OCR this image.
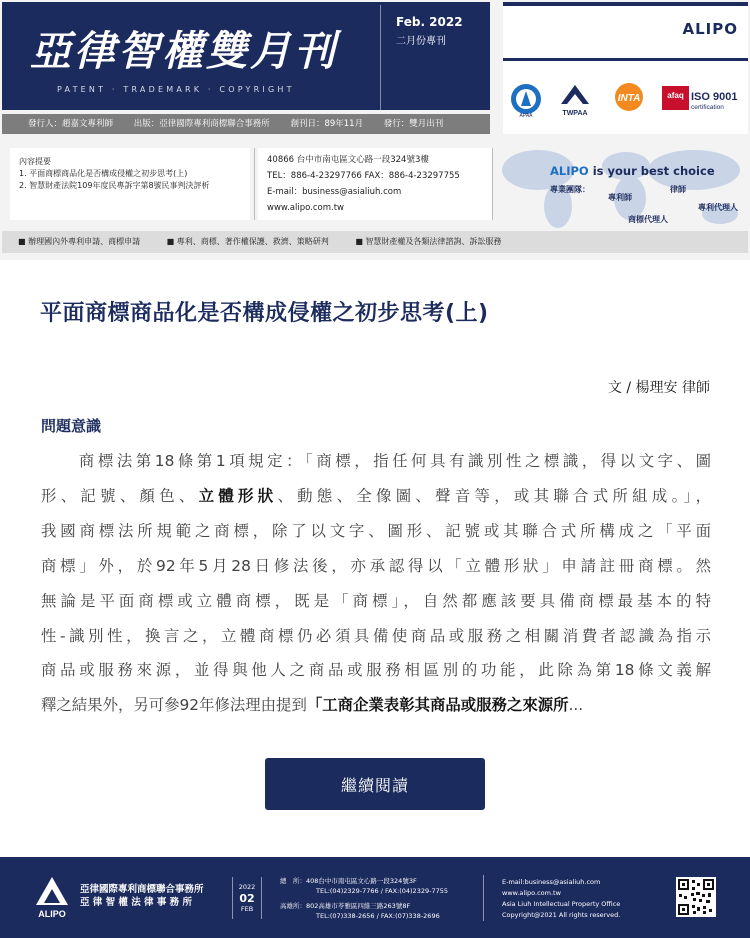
亞律智權雙月刊
PATENT · TRADEMARK · COPYRIGHT
Feb. 2022
二月份專刊
發行人：趙嘉文專利師 出版：亞律國際專利商標聯合事務所 創刊日：89年11月 發行：雙月出刊
ALIPO
APAA	TWPAA
INTA	afaq ISO 9001
certification
內容提要
1. 平面商標商品化是否構成侵權之初步思考(上)
2. 智慧財產法院109年度民專訴字第8號民事判決評析
40866 台中市南屯區文心路一段324號3樓
TEL：886-4-23297766 FAX：886-4-23297755
E-mail：business@asialiuh.com
www.alipo.com.tw
ALIPO is your best choice
專業團隊：
專利師
律師
專利代理人
商標代理人
■ 辦理國內外專利申請、商標申請	■ 專利、商標、著作權保護、救濟、策略研判	■ 智慧財產權及各類法律諮詢、訴訟服務
平面商標商品化是否構成侵權之初步思考(上)
文 / 楊理安 律師
問題意識
　　商標法第18條第1項規定：「商標，指任何具有識別性之標識，得以文字、圖
形、記號、顏色、立體形狀、動態、全像圖、聲音等，或其聯合式所組成。」，
我國商標法所規範之商標，除了以文字、圖形、記號或其聯合式所構成之「平面
商標」外，於92年5月28日修法後，亦承認得以「立體形狀」申請註冊商標。然
無論是平面商標或立體商標，既是「商標」，自然都應該要具備商標最基本的特
性-識別性，換言之，立體商標仍必須具備使商品或服務之相關消費者認識為指示
商品或服務來源，並得與他人之商品或服務相區別的功能，此除為第18條文義解
釋之結果外，另可參92年修法理由提到「工商企業表彰其商品或服務之來源所...
繼續閱讀
ALIPO
亞律國際專利商標聯合事務所
亞 律 智 權 法 律 事 務 所
2022
02
FEB
總　所：408台中市南屯區文心路一段324號3F
TEL:(04)2329-7766 / FAX:(04)2329-7755
高雄所：802高雄市苓雅區四維三路263號8F
TEL:(07)338-2656 / FAX:(07)338-2696
E-mail:business@asialiuh.com
www.alipo.com.tw
Asia Liuh Intellectual Property Office
Copyright@2021 All rights reserved.
